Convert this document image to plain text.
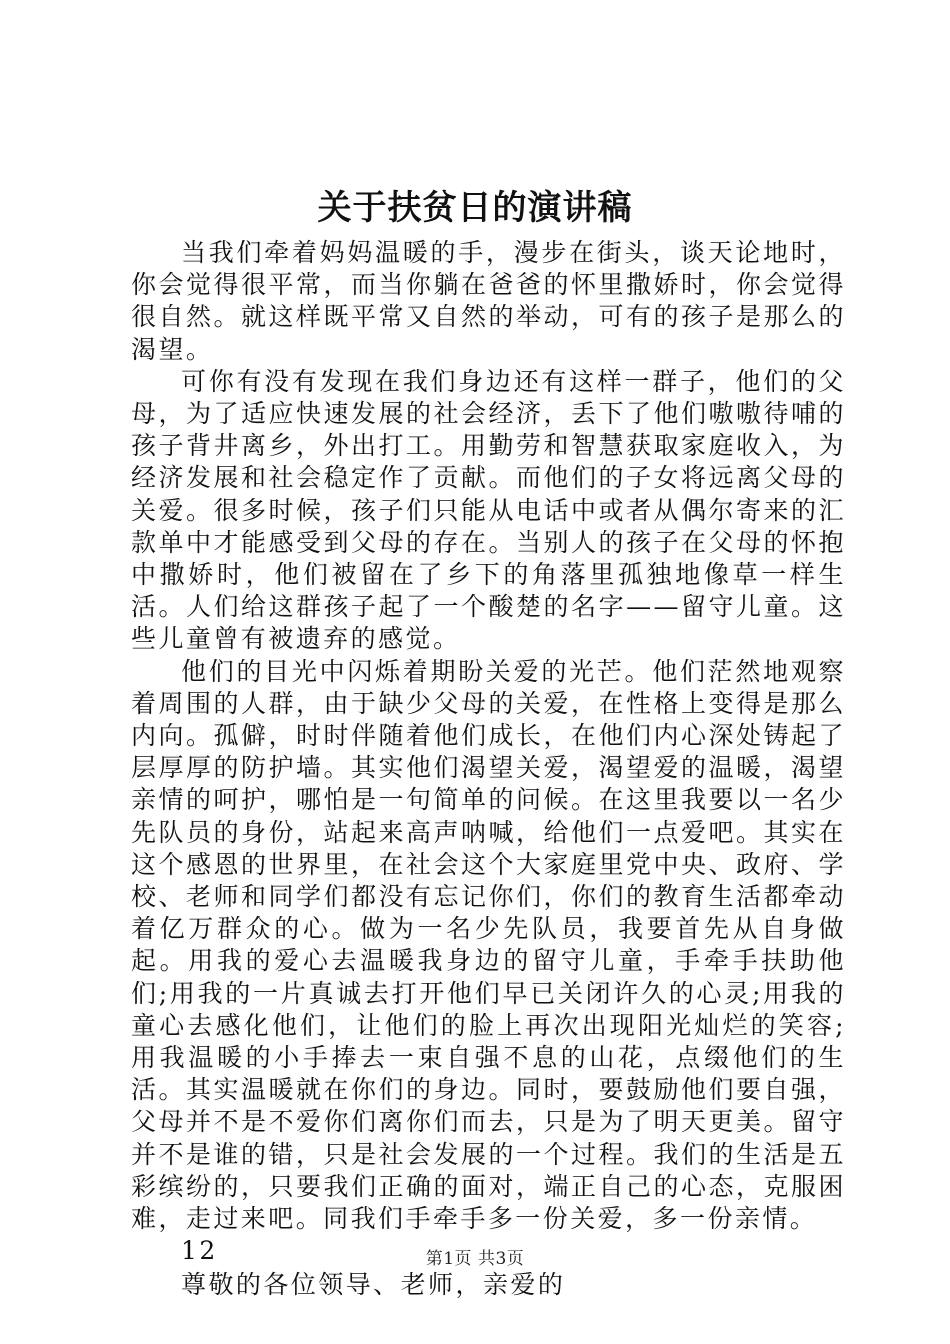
关于扶贫日的演讲稿

当我们牵着妈妈温暖的手，漫步在街头，谈天论地时，你会觉得很平常，而当你躺在爸爸的怀里撒娇时，你会觉得很自然。就这样既平常又自然的举动，可有的孩子是那么的渴望。

可你有没有发现在我们身边还有这样一群子，他们的父母，为了适应快速发展的社会经济，丢下了他们嗷嗷待哺的孩子背井离乡，外出打工。用勤劳和智慧获取家庭收入，为经济发展和社会稳定作了贡献。而他们的子女将远离父母的关爱。很多时候，孩子们只能从电话中或者从偶尔寄来的汇款单中才能感受到父母的存在。当别人的孩子在父母的怀抱中撒娇时，他们被留在了乡下的角落里孤独地像草一样生活。人们给这群孩子起了一个酸楚的名字——留守儿童。这些儿童曾有被遗弃的感觉。

他们的目光中闪烁着期盼关爱的光芒。他们茫然地观察着周围的人群，由于缺少父母的关爱，在性格上变得是那么内向。孤僻，时时伴随着他们成长，在他们内心深处铸起了层厚厚的防护墙。其实他们渴望关爱，渴望爱的温暖，渴望亲情的呵护，哪怕是一句简单的问候。在这里我要以一名少先队员的身份，站起来高声呐喊，给他们一点爱吧。其实在这个感恩的世界里，在社会这个大家庭里党中央、政府、学校、老师和同学们都没有忘记你们，你们的教育生活都牵动着亿万群众的心。做为一名少先队员，我要首先从自身做起。用我的爱心去温暖我身边的留守儿童，手牵手扶助他们;用我的一片真诚去打开他们早已关闭许久的心灵;用我的童心去感化他们，让他们的脸上再次出现阳光灿烂的笑容;用我温暖的小手捧去一束自强不息的山花，点缀他们的生活。其实温暖就在你们的身边。同时，要鼓励他们要自强，父母并不是不爱你们离你们而去，只是为了明天更美。留守并不是谁的错，只是社会发展的一个过程。我们的生活是五彩缤纷的，只要我们正确的面对，端正自己的心态，克服困难，走过来吧。同我们手牵手多一份关爱，多一份亲情。

12

尊敬的各位领导、老师，亲爱的

第1页 共3页
